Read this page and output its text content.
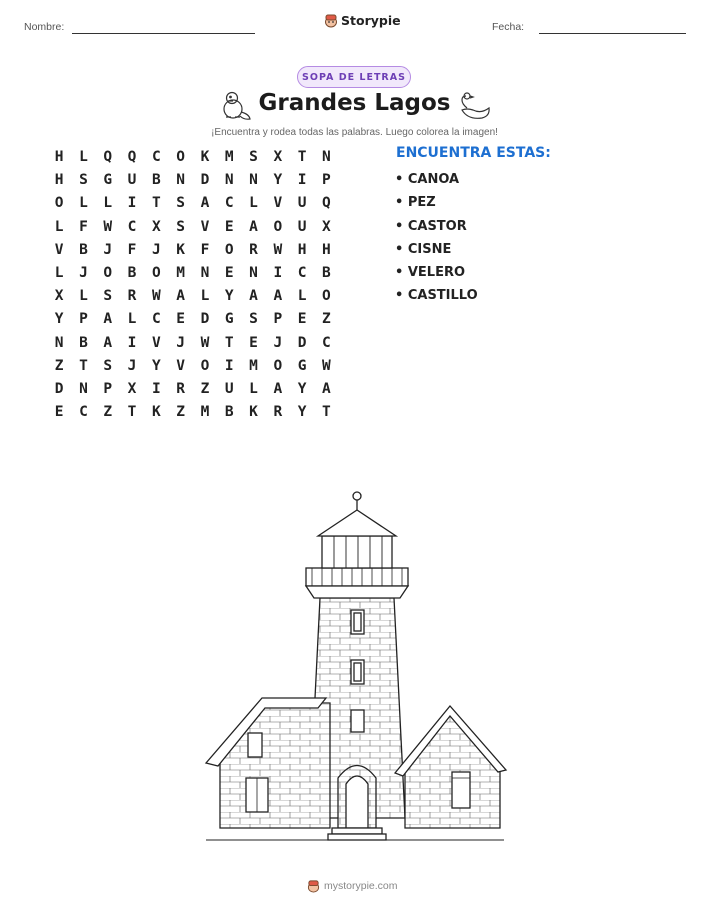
Nombre:	Storypie	Fecha:
SOPA DE LETRAS
Grandes Lagos
¡Encuentra y rodea todas las palabras. Luego colorea la imagen!
H	L	Q	Q	C	O	K	M	S	X	T	N
H	S	G	U	B	N	D	N	N	Y	I	P
O	L	L	I	T	S	A	C	L	V	U	Q
L	F	W	C	X	S	V	E	A	O	U	X
V	B	J	F	J	K	F	O	R	W	H	H
L	J	O	B	O	M	N	E	N	I	C	B
X	L	S	R	W	A	L	Y	A	A	L	O
Y	P	A	L	C	E	D	G	S	P	E	Z
N	B	A	I	V	J	W	T	E	J	D	C
Z	T	S	J	Y	V	O	I	M	O	G	W
D	N	P	X	I	R	Z	U	L	A	Y	A
E	C	Z	T	K	Z	M	B	K	R	Y	T
ENCUENTRA ESTAS:
• CANOA
• PEZ
• CASTOR
• CISNE
• VELERO
• CASTILLO
mystorypie.com
